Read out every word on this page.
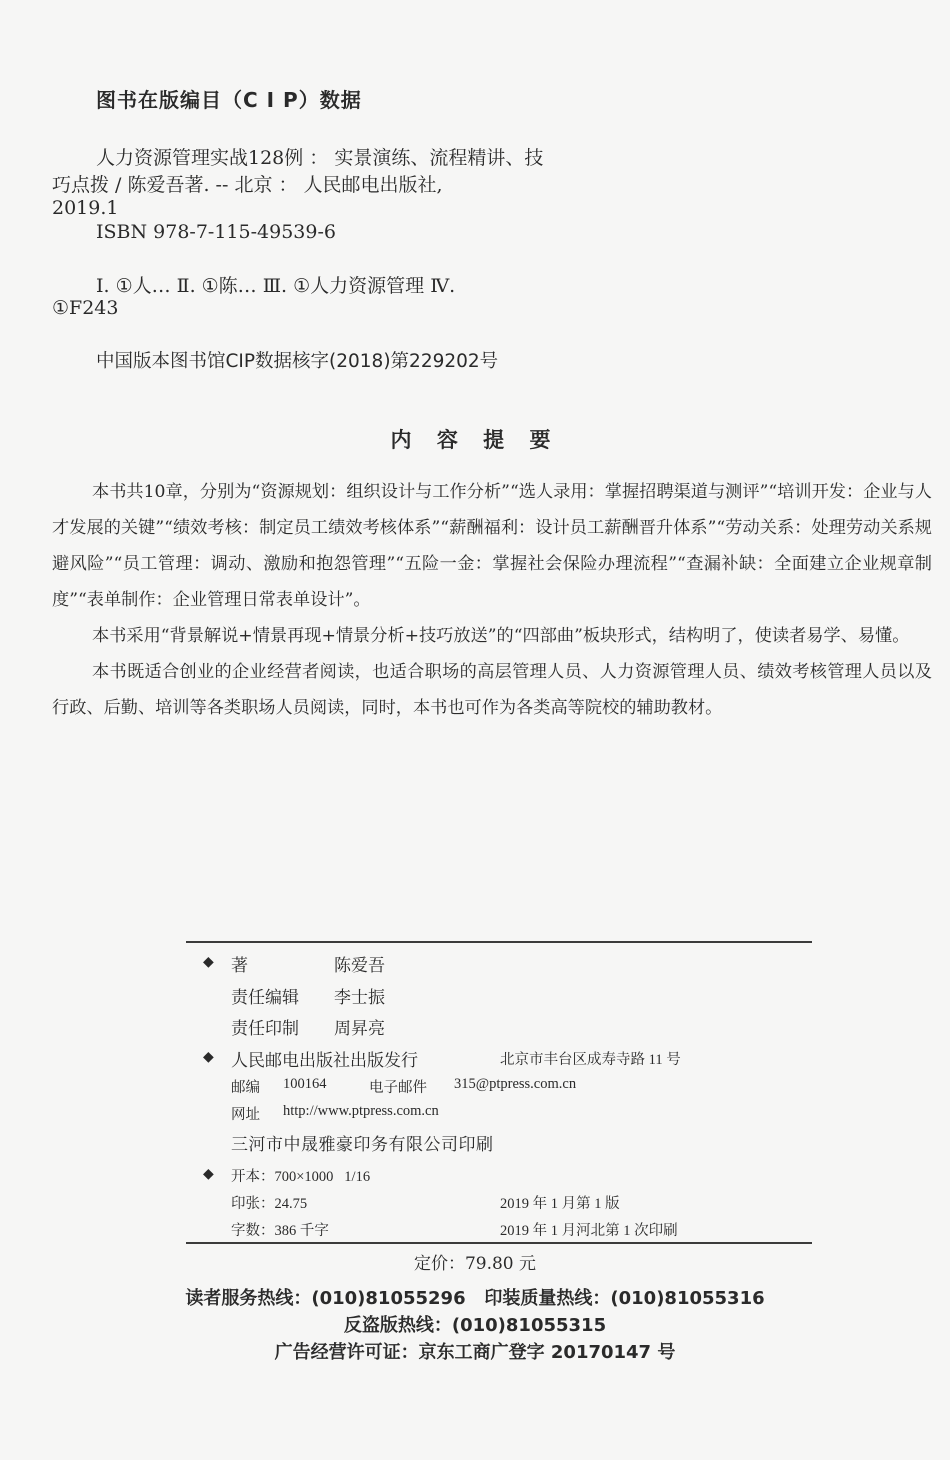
图书在版编目（C I P）数据
人力资源管理实战128例 ： 实景演练、流程精讲、技
巧点拨 / 陈爱吾著. -- 北京 ： 人民邮电出版社,
2019.1
ISBN 978-7-115-49539-6
Ⅰ. ①人… Ⅱ. ①陈… Ⅲ. ①人力资源管理 Ⅳ.
①F243
中国版本图书馆CIP数据核字(2018)第229202号
内 容 提 要

本书共10章，分别为“资源规划：组织设计与工作分析”“选人录用：掌握招聘渠道与测评”“培训开发：企业与人才发展的关键”“绩效考核：制定员工绩效考核体系”“薪酬福利：设计员工薪酬晋升体系”“劳动关系：处理劳动关系规避风险”“员工管理：调动、激励和抱怨管理”“五险一金：掌握社会保险办理流程”“查漏补缺：全面建立企业规章制度”“表单制作：企业管理日常表单设计”。

本书采用“背景解说+情景再现+情景分析+技巧放送”的“四部曲”板块形式，结构明了，使读者易学、易懂。

本书既适合创业的企业经营者阅读，也适合职场的高层管理人员、人力资源管理人员、绩效考核管理人员以及行政、后勤、培训等各类职场人员阅读，同时，本书也可作为各类高等院校的辅助教材。

◆ 著	陈爱吾
责任编辑 李士振
责任印制 周昇亮
◆ 人民邮电出版社出版发行	北京市丰台区成寿寺路 11 号
邮编 100164	电子邮件 315@ptpress.com.cn
网址 http://www.ptpress.com.cn
三河市中晟雅豪印务有限公司印刷
◆ 开本：700×1000   1/16
印张：24.75	2019 年 1 月第 1 版
字数：386 千字	2019 年 1 月河北第 1 次印刷
定价：79.80 元
读者服务热线：(010)81055296   印装质量热线：(010)81055316
反盗版热线：(010)81055315
广告经营许可证：京东工商广登字 20170147 号
